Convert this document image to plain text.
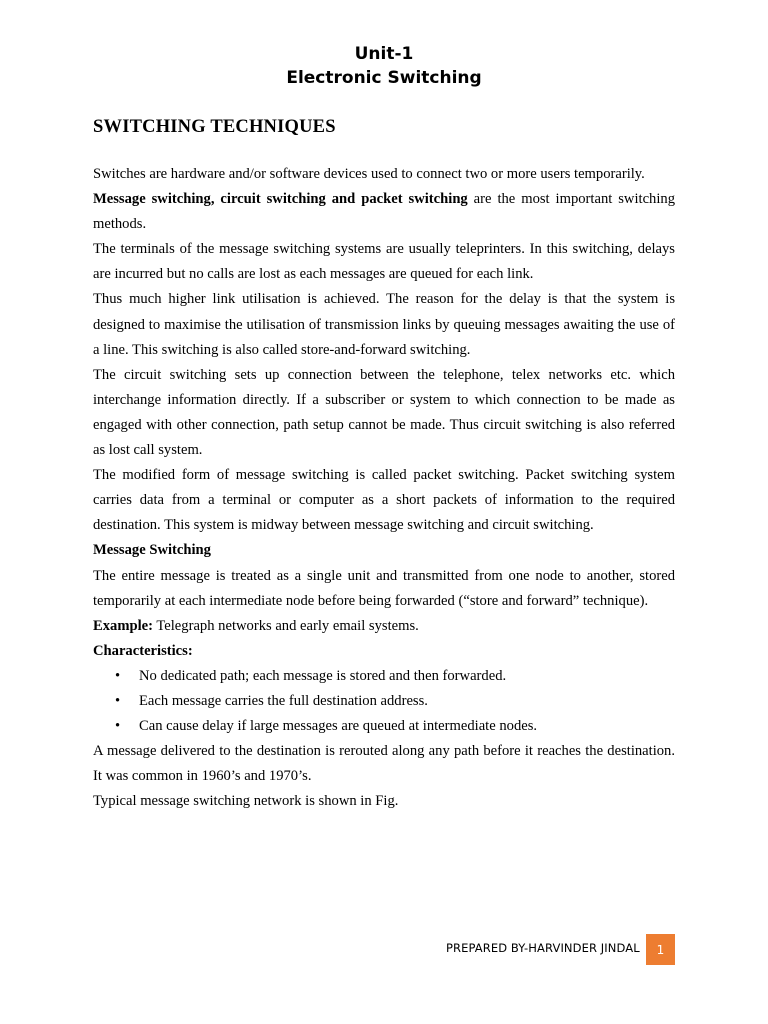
Unit-1
Electronic Switching
SWITCHING TECHNIQUES

Switches are hardware and/or software devices used to connect two or more users temporarily.

Message switching, circuit switching and packet switching are the most important switching methods.

The terminals of the message switching systems are usually teleprinters. In this switching, delays are incurred but no calls are lost as each messages are queued for each link.

Thus much higher link utilisation is achieved. The reason for the delay is that the system is designed to maximise the utilisation of transmission links by queuing messages awaiting the use of a line. This switching is also called store-and-forward switching.

The circuit switching sets up connection between the telephone, telex networks etc. which interchange information directly. If a subscriber or system to which connection to be made as engaged with other connection, path setup cannot be made. Thus circuit switching is also referred as lost call system.

The modified form of message switching is called packet switching. Packet switching system carries data from a terminal or computer as a short packets of information to the required destination. This system is midway between message switching and circuit switching.

Message Switching

The entire message is treated as a single unit and transmitted from one node to another, stored temporarily at each intermediate node before being forwarded (“store and forward” technique).

Example: Telegraph networks and early email systems.

Characteristics:

• No dedicated path; each message is stored and then forwarded.
• Each message carries the full destination address.
• Can cause delay if large messages are queued at intermediate nodes.

A message delivered to the destination is rerouted along any path before it reaches the destination. It was common in 1960’s and 1970’s.

Typical message switching network is shown in Fig.

PREPARED BY-HARVINDER JINDAL 1
